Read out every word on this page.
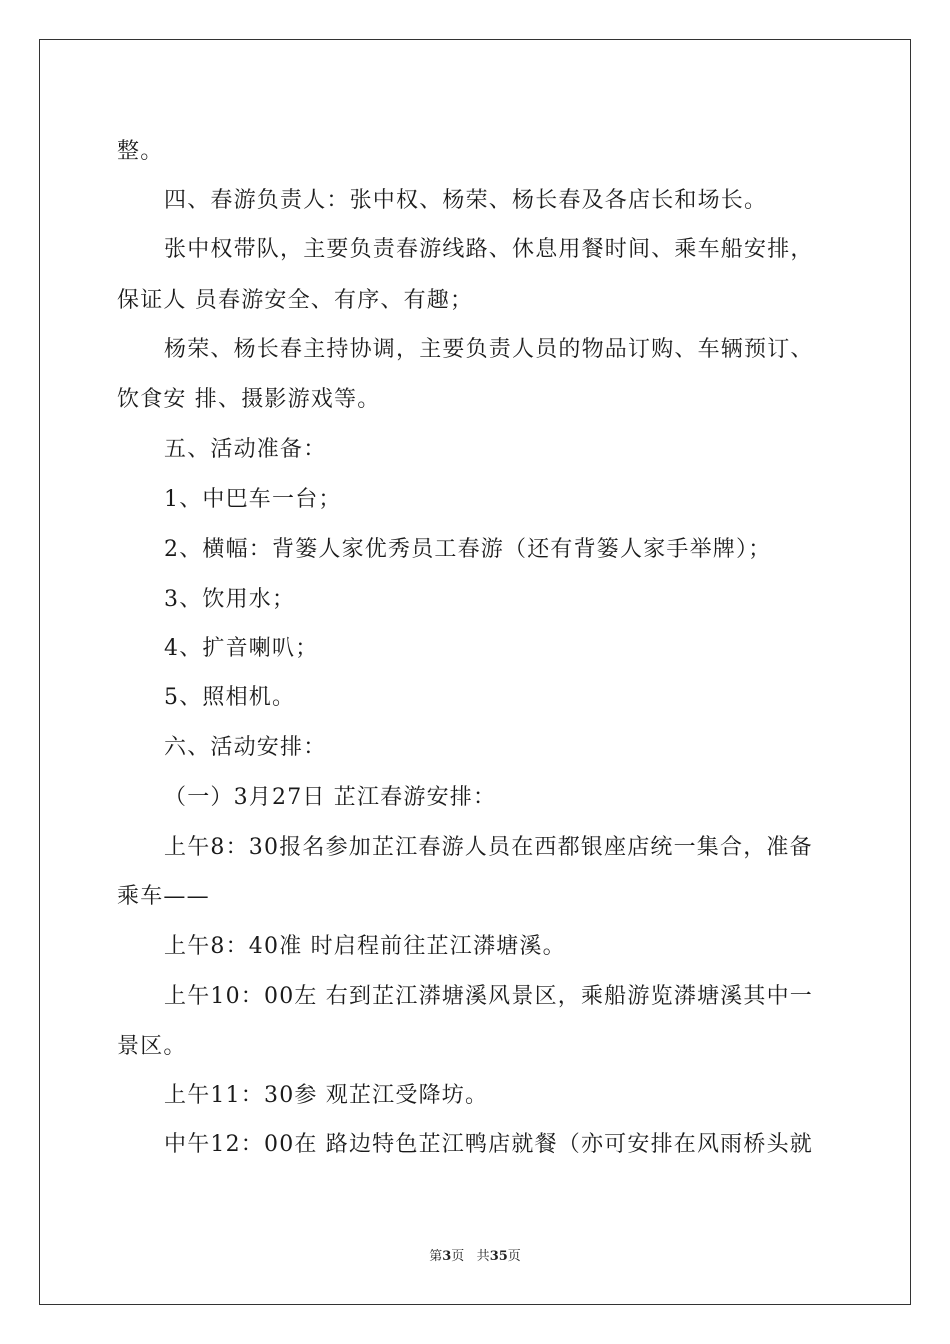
整。
四、春游负责人：张中权、杨荣、杨长春及各店长和场长。
张中权带队，主要负责春游线路、休息用餐时间、乘车船安排，
保证人 员春游安全、有序、有趣；
杨荣、杨长春主持协调，主要负责人员的物品订购、车辆预订、
饮食安 排、摄影游戏等。
五、活动准备：
1、中巴车一台；
2、横幅：背篓人家优秀员工春游（还有背篓人家手举牌）；
3、饮用水；
4、扩音喇叭；
5、照相机。
六、活动安排：
（一）3月27日 芷江春游安排：
上午8：30报名参加芷江春游人员在西都银座店统一集合，准备
乘车——
上午8：40准 时启程前往芷江漭塘溪。
上午10：00左 右到芷江漭塘溪风景区，乘船游览漭塘溪其中一
景区。
上午11：30参 观芷江受降坊。
中午12：00在 路边特色芷江鸭店就餐（亦可安排在风雨桥头就
第3页 共35页
